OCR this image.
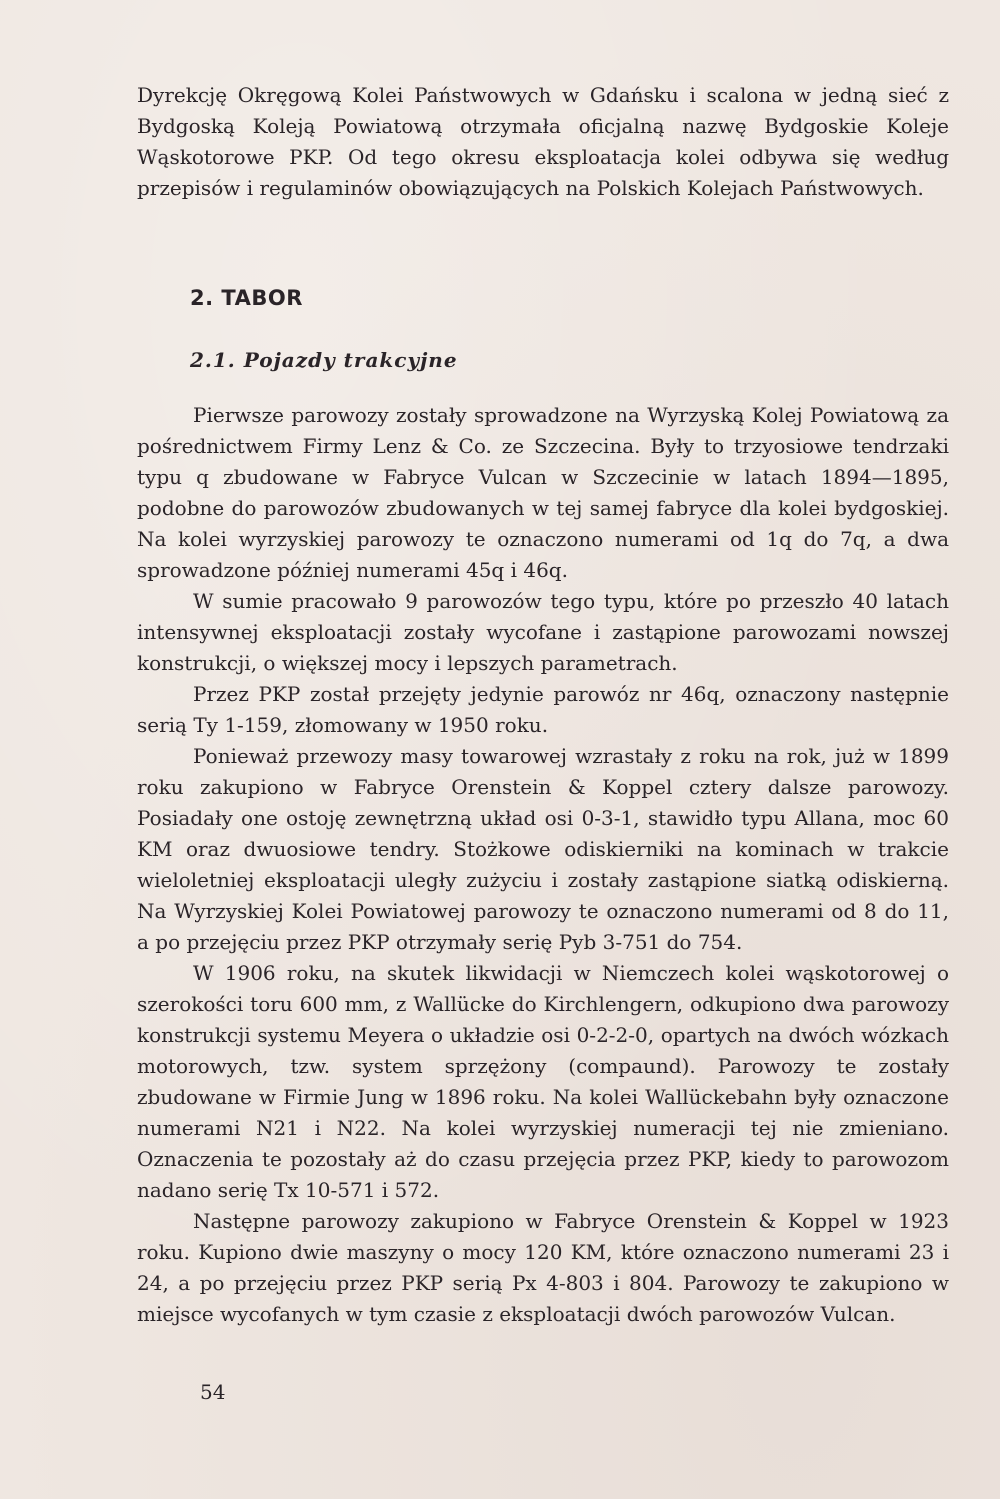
Dyrekcję Okręgową Kolei Państwowych w Gdańsku i scalona w jedną sieć z Bydgoską Koleją Powiatową otrzymała oficjalną nazwę Bydgoskie Koleje Wąskotorowe PKP. Od tego okresu eksploatacja kolei odbywa się według przepisów i regulaminów obowiązujących na Polskich Kolejach Państwowych.

2. TABOR
2.1. Pojazdy trakcyjne

Pierwsze parowozy zostały sprowadzone na Wyrzyską Kolej Powiatową za pośrednictwem Firmy Lenz & Co. ze Szczecina. Były to trzyosiowe tendrzaki typu q zbudowane w Fabryce Vulcan w Szczecinie w latach 1894—1895, podobne do parowozów zbudowanych w tej samej fabryce dla kolei bydgoskiej. Na kolei wyrzyskiej parowozy te oznaczono numerami od 1q do 7q, a dwa sprowadzone później numerami 45q i 46q.

W sumie pracowało 9 parowozów tego typu, które po przeszło 40 latach intensywnej eksploatacji zostały wycofane i zastąpione parowozami nowszej konstrukcji, o większej mocy i lepszych parametrach.

Przez PKP został przejęty jedynie parowóz nr 46q, oznaczony następnie serią Ty 1-159, złomowany w 1950 roku.

Ponieważ przewozy masy towarowej wzrastały z roku na rok, już w 1899 roku zakupiono w Fabryce Orenstein & Koppel cztery dalsze parowozy. Posiadały one ostoję zewnętrzną układ osi 0-3-1, stawidło typu Allana, moc 60 KM oraz dwuosiowe tendry. Stożkowe odiskierniki na kominach w trakcie wieloletniej eksploatacji uległy zużyciu i zostały zastąpione siatką odiskierną. Na Wyrzyskiej Kolei Powiatowej parowozy te oznaczono numerami od 8 do 11, a po przejęciu przez PKP otrzymały serię Pyb 3-751 do 754.

W 1906 roku, na skutek likwidacji w Niemczech kolei wąskotorowej o szerokości toru 600 mm, z Wallücke do Kirchlengern, odkupiono dwa parowozy konstrukcji systemu Meyera o układzie osi 0-2-2-0, opartych na dwóch wózkach motorowych, tzw. system sprzężony (compaund). Parowozy te zostały zbudowane w Firmie Jung w 1896 roku. Na kolei Wallückebahn były oznaczone numerami N21 i N22. Na kolei wyrzyskiej numeracji tej nie zmieniano. Oznaczenia te pozostały aż do czasu przejęcia przez PKP, kiedy to parowozom nadano serię Tx 10-571 i 572.

Następne parowozy zakupiono w Fabryce Orenstein & Koppel w 1923 roku. Kupiono dwie maszyny o mocy 120 KM, które oznaczono numerami 23 i 24, a po przejęciu przez PKP serią Px 4-803 i 804. Parowozy te zakupiono w miejsce wycofanych w tym czasie z eksploatacji dwóch parowozów Vulcan.

54
